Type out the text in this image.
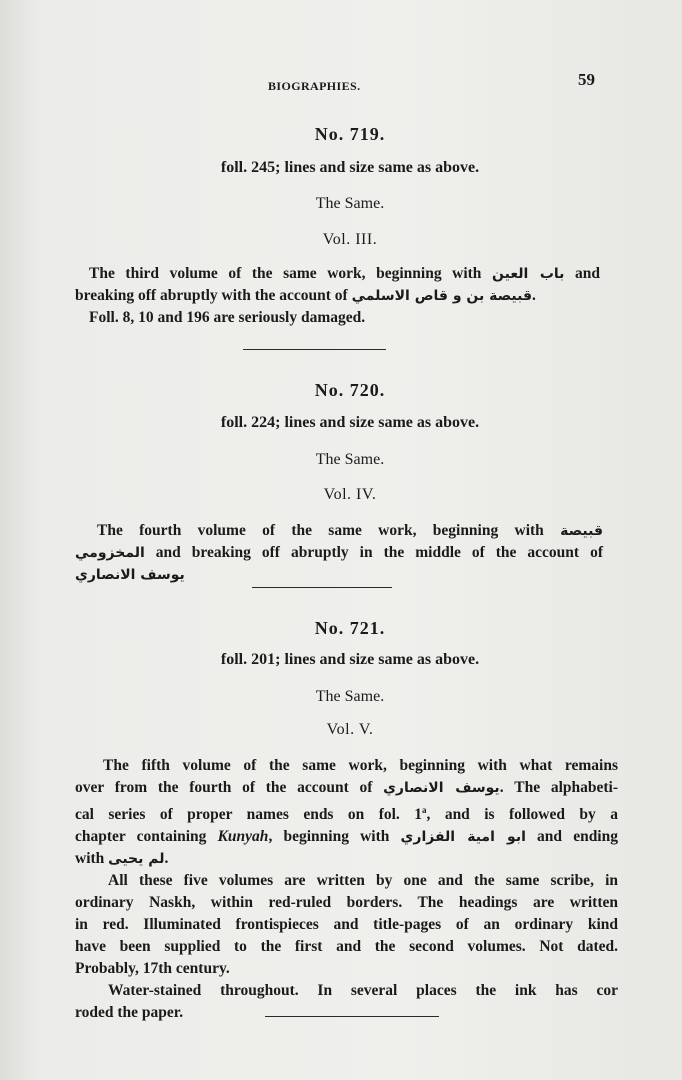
BIOGRAPHIES.	59
No. 719.
foll. 245; lines and size same as above.
The Same.
Vol. III.
The third volume of the same work, beginning with باب العين and
breaking off abruptly with the account of قبيصة بن و قاص الاسلمي.
Foll. 8, 10 and 196 are seriously damaged.
No. 720.
foll. 224; lines and size same as above.
The Same.
Vol. IV.
The fourth volume of the same work, beginning with قبيصة
المخزومي and breaking off abruptly in the middle of the account of
يوسف الانصاري
No. 721.
foll. 201; lines and size same as above.
The Same.
Vol. V.
The fifth volume of the same work, beginning with what remains
over from the fourth of the account of يوسف الانصاري. The alphabeti-
cal series of proper names ends on fol. 1$^a$, and is followed by a
chapter containing Kunyah, beginning with ابو امية الفزاري and ending
with لم يحيى.
All these five volumes are written by one and the same scribe, in
ordinary Naskh, within red-ruled borders. The headings are written
in red. Illuminated frontispieces and title-pages of an ordinary kind
have been supplied to the first and the second volumes. Not dated.
Probably, 17th century.
Water-stained throughout. In several places the ink has cor
roded the paper.
